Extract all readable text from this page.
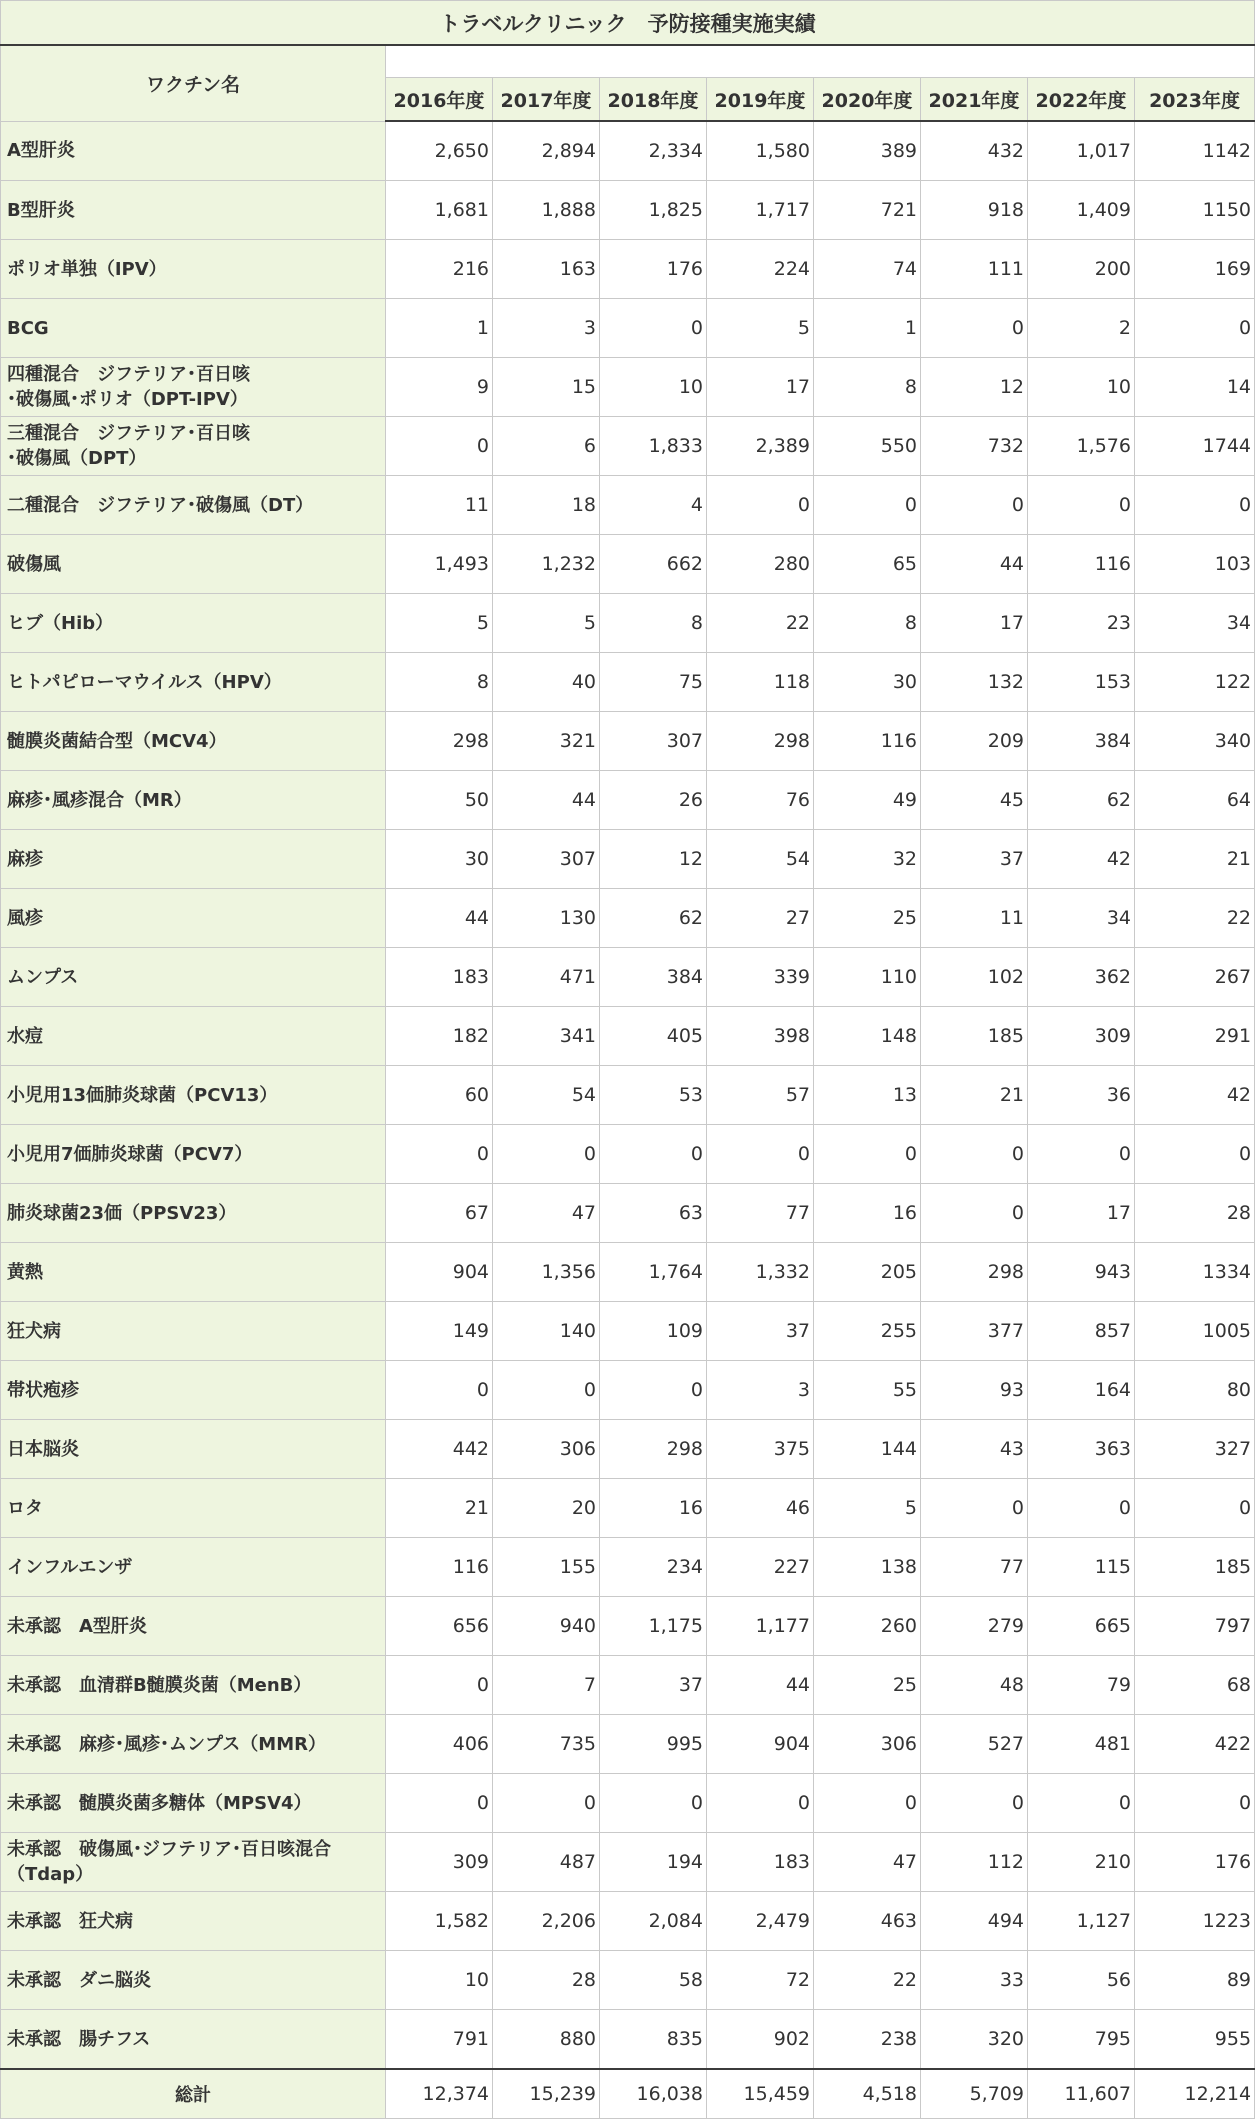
トラベルクリニック　予防接種実施実績								
ワクチン名								
	2016年度	2017年度	2018年度	2019年度	2020年度	2021年度	2022年度	2023年度

A型肝炎	2,650	2,894	2,334	1,580	389	432	1,017	1142

B型肝炎	1,681	1,888	1,825	1,717	721	918	1,409	1150

ポリオ単独（IPV）	216	163	176	224	74	111	200	169

BCG	1	3	0	5	1	0	2	0

四種混合　ジフテリア･百日咳
･破傷風･ポリオ（DPT-IPV）	9	15	10	17	8	12	10	14

三種混合　ジフテリア･百日咳
･破傷風（DPT）	0	6	1,833	2,389	550	732	1,576	1744

二種混合　ジフテリア･破傷風（DT）	11	18	4	0	0	0	0	0

破傷風	1,493	1,232	662	280	65	44	116	103

ヒブ（Hib）	5	5	8	22	8	17	23	34

ヒトパピローマウイルス（HPV）	8	40	75	118	30	132	153	122

髄膜炎菌結合型（MCV4）	298	321	307	298	116	209	384	340

麻疹･風疹混合（MR）	50	44	26	76	49	45	62	64

麻疹	30	307	12	54	32	37	42	21

風疹	44	130	62	27	25	11	34	22

ムンプス	183	471	384	339	110	102	362	267

水痘	182	341	405	398	148	185	309	291

小児用13価肺炎球菌（PCV13）	60	54	53	57	13	21	36	42

小児用7価肺炎球菌（PCV7）	0	0	0	0	0	0	0	0

肺炎球菌23価（PPSV23）	67	47	63	77	16	0	17	28

黄熱	904	1,356	1,764	1,332	205	298	943	1334

狂犬病	149	140	109	37	255	377	857	1005

帯状疱疹	0	0	0	3	55	93	164	80

日本脳炎	442	306	298	375	144	43	363	327

ロタ	21	20	16	46	5	0	0	0

インフルエンザ	116	155	234	227	138	77	115	185

未承認　A型肝炎	656	940	1,175	1,177	260	279	665	797

未承認　血清群B髄膜炎菌（MenB）	0	7	37	44	25	48	79	68

未承認　麻疹･風疹･ムンプス（MMR）	406	735	995	904	306	527	481	422

未承認　髄膜炎菌多糖体（MPSV4）	0	0	0	0	0	0	0	0

未承認　破傷風･ジフテリア･百日咳混合
（Tdap）	309	487	194	183	47	112	210	176

未承認　狂犬病	1,582	2,206	2,084	2,479	463	494	1,127	1223

未承認　ダニ脳炎	10	28	58	72	22	33	56	89

未承認　腸チフス	791	880	835	902	238	320	795	955
総計	12,374	15,239	16,038	15,459	4,518	5,709	11,607	12,214
